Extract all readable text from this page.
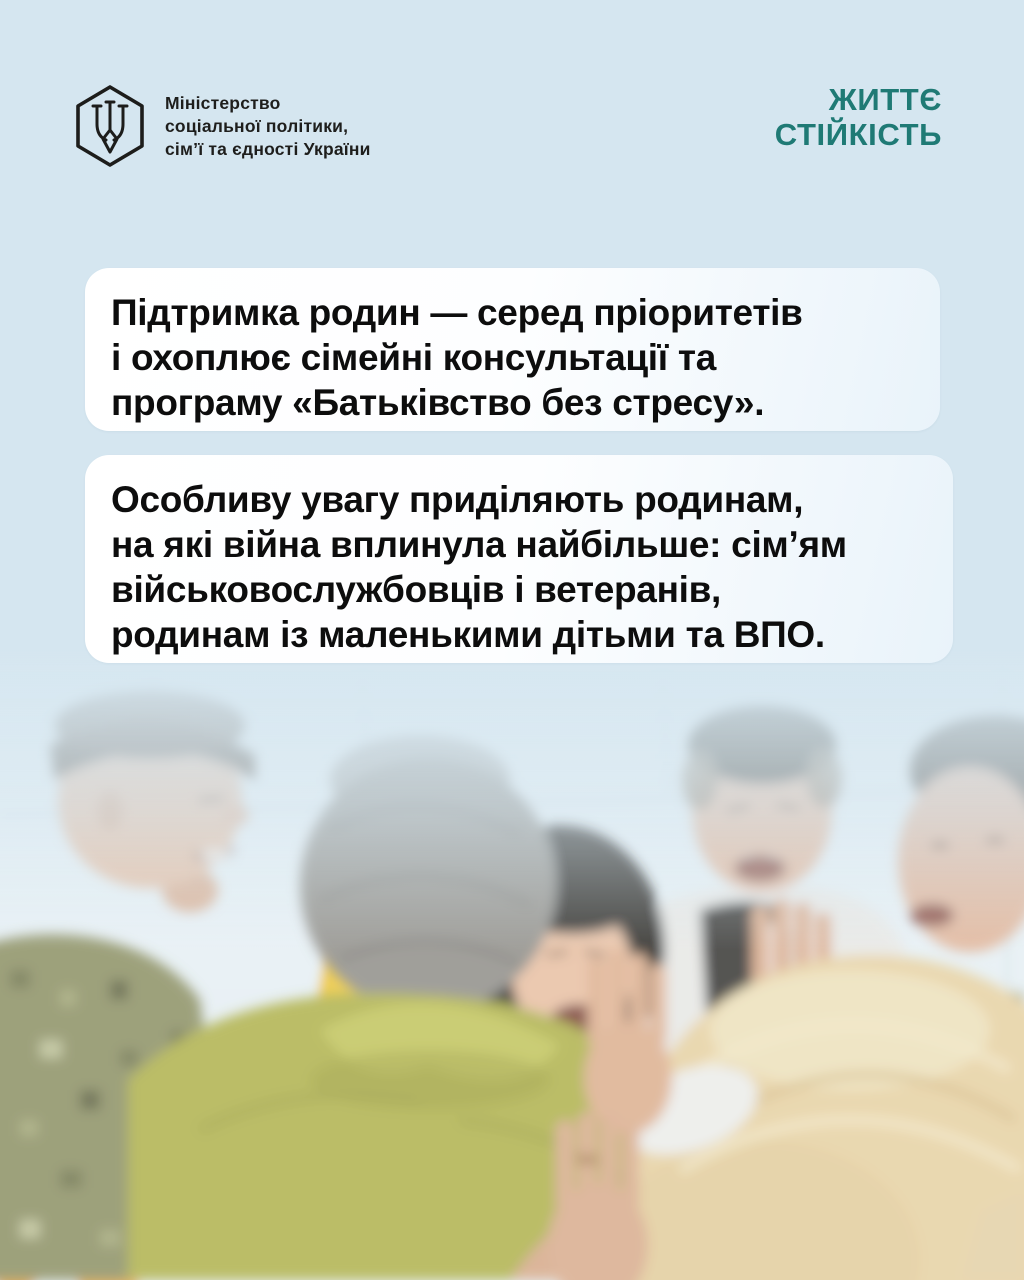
Міністерство
соціальної політики,
сім’ї та єдності України
ЖИТТЄ
СТІЙКІСТЬ
Підтримка родин — серед пріоритетів
і охоплює сімейні консультації та
програму «Батьківство без стресу».
Особливу увагу приділяють родинам,
на які війна вплинула найбільше: сім’ям
військовослужбовців і ветеранів,
родинам із маленькими дітьми та ВПО.
